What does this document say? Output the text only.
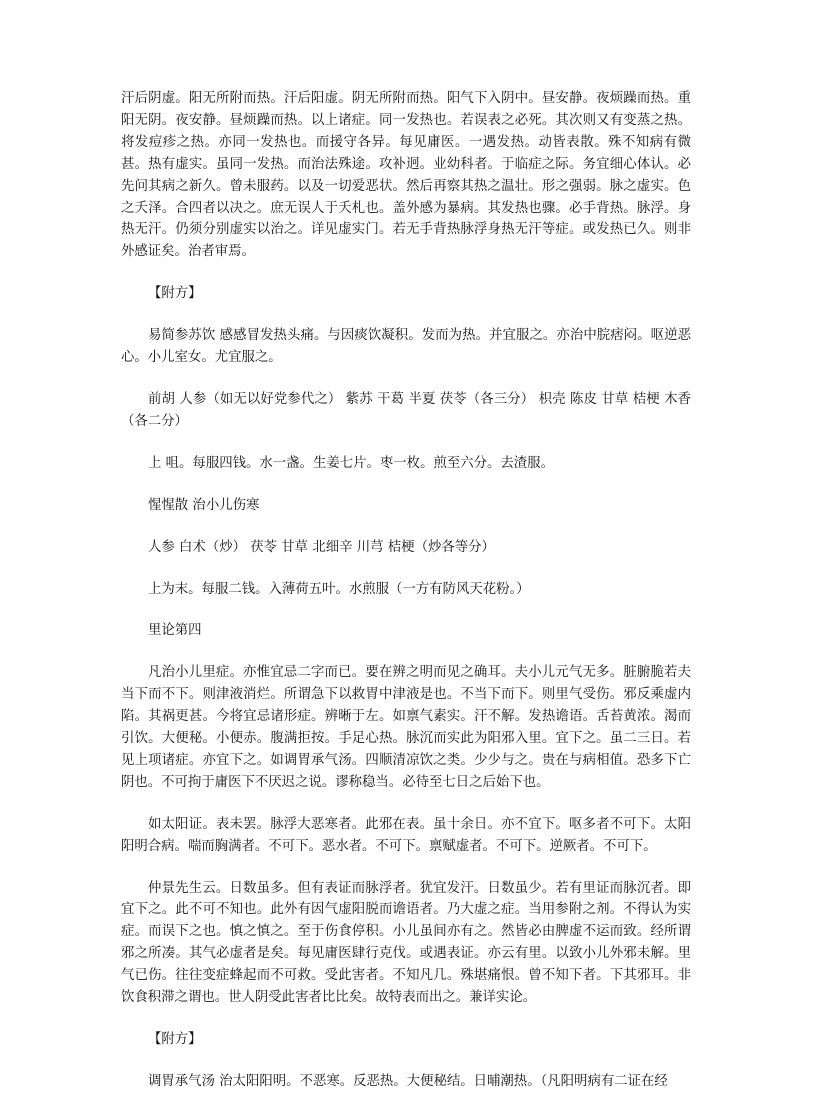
汗后阴虚。阳无所附而热。汗后阳虚。阴无所附而热。阳气下入阴中。昼安静。夜烦躁而热。重阳无阴。夜安静。昼烦躁而热。以上诸症。同一发热也。若误表之必死。其次则又有变蒸之热。将发痘疹之热。亦同一发热也。而援守各异。每见庸医。一遇发热。动皆表散。殊不知病有微甚。热有虚实。虽同一发热。而治法殊途。攻补迥。业幼科者。于临症之际。务宜细心体认。必先问其病之新久。曾未服药。以及一切爱恶状。然后再察其热之温壮。形之强弱。脉之虚实。色之夭泽。合四者以决之。庶无误人于夭札也。盖外感为暴病。其发热也骤。必手背热。脉浮。身热无汗。仍须分别虚实以治之。详见虚实门。若无手背热脉浮身热无汗等症。或发热已久。则非外感证矣。治者审焉。

【附方】

易简参苏饮 感感冒发热头痛。与因痰饮凝积。发而为热。并宜服之。亦治中脘痞闷。呕逆恶心。小儿室女。尤宜服之。

前胡 人参（如无以好党参代之） 紫苏 干葛 半夏 茯苓（各三分） 枳壳 陈皮 甘草 桔梗 木香（各二分）

上 咀。每服四钱。水一盏。生姜七片。枣一枚。煎至六分。去渣服。

惺惺散 治小儿伤寒

人参 白术（炒） 茯苓 甘草 北细辛 川芎 桔梗（炒各等分）

上为末。每服二钱。入薄荷五叶。水煎服（一方有防风天花粉。）

里论第四

凡治小儿里症。亦惟宜忌二字而已。要在辨之明而见之确耳。夫小儿元气无多。脏腑脆若夫当下而不下。则津液消烂。所谓急下以救胃中津液是也。不当下而下。则里气受伤。邪反乘虚内陷。其祸更甚。今将宜忌诸形症。辨晰于左。如禀气素实。汗不解。发热谵语。舌苔黄浓。渴而引饮。大便秘。小便赤。腹满拒按。手足心热。脉沉而实此为阳邪入里。宜下之。虽二三日。若见上项诸症。亦宜下之。如调胃承气汤。四顺清凉饮之类。少少与之。贵在与病相值。恐多下亡阴也。不可拘于庸医下不厌迟之说。谬称稳当。必待至七日之后始下也。

如太阳证。表未罢。脉浮大恶寒者。此邪在表。虽十余日。亦不宜下。呕多者不可下。太阳阳明合病。喘而胸满者。不可下。恶水者。不可下。禀赋虚者。不可下。逆厥者。不可下。

仲景先生云。日数虽多。但有表证而脉浮者。犹宜发汗。日数虽少。若有里证而脉沉者。即宜下之。此不可不知也。此外有因气虚阳脱而谵语者。乃大虚之症。当用参附之剂。不得认为实症。而误下之也。慎之慎之。至于伤食停积。小儿虽间亦有之。然皆必由脾虚不运而致。经所谓邪之所凑。其气必虚者是矣。每见庸医肆行克伐。或遇表证。亦云有里。以致小儿外邪未解。里气已伤。往往变症蜂起而不可救。受此害者。不知凡几。殊堪痛恨。曾不知下者。下其邪耳。非饮食积滞之谓也。世人阴受此害者比比矣。故特表而出之。兼详实论。

【附方】

调胃承气汤 治太阳阳明。不恶寒。反恶热。大便秘结。日晡潮热。（凡阳明病有二证在经
